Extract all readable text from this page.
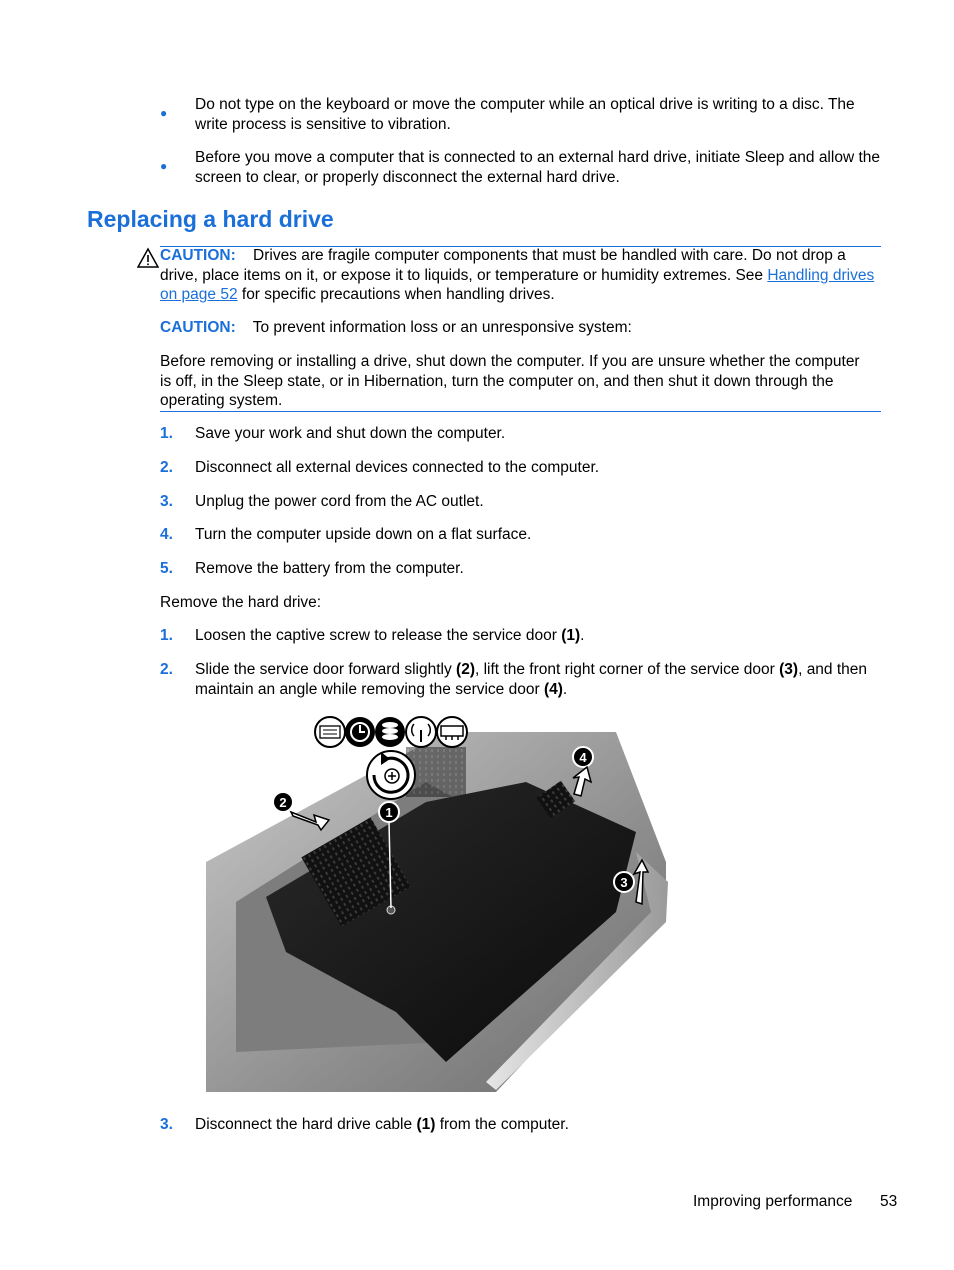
● Do not type on the keyboard or move the computer while an optical drive is writing to a disc. The write process is sensitive to vibration.
● Before you move a computer that is connected to an external hard drive, initiate Sleep and allow the screen to clear, or properly disconnect the external hard drive.
Replacing a hard drive
CAUTION: Drives are fragile computer components that must be handled with care. Do not drop a drive, place items on it, or expose it to liquids, or temperature or humidity extremes. See Handling drives on page 52 for specific precautions when handling drives.
CAUTION: To prevent information loss or an unresponsive system:
Before removing or installing a drive, shut down the computer. If you are unsure whether the computer is off, in the Sleep state, or in Hibernation, turn the computer on, and then shut it down through the operating system.
1. Save your work and shut down the computer.
2. Disconnect all external devices connected to the computer.
3. Unplug the power cord from the AC outlet.
4. Turn the computer upside down on a flat surface.
5. Remove the battery from the computer.
Remove the hard drive:
1. Loosen the captive screw to release the service door (1).
2. Slide the service door forward slightly (2), lift the front right corner of the service door (3), and then maintain an angle while removing the service door (4).
1
2
3
4
3. Disconnect the hard drive cable (1) from the computer.
Improving performance 53
